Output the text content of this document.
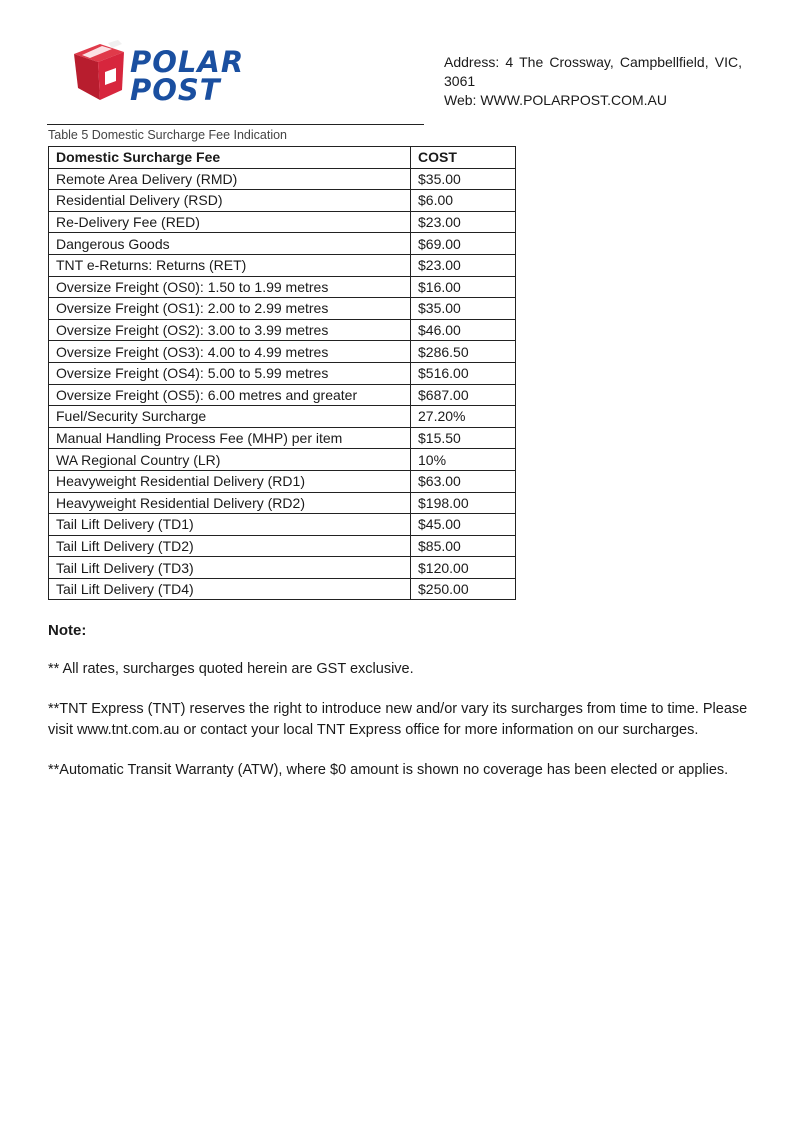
POLAR
POST
Address: 4 The Crossway, Campbellfield, VIC,
3061
Web: WWW.POLARPOST.COM.AU
Table 5 Domestic Surcharge Fee Indication
Domestic Surcharge Fee	COST
Remote Area Delivery (RMD)	$35.00
Residential Delivery (RSD)	$6.00
Re-Delivery Fee (RED)	$23.00
Dangerous Goods	$69.00
TNT e-Returns: Returns (RET)	$23.00
Oversize Freight (OS0): 1.50 to 1.99 metres	$16.00
Oversize Freight (OS1): 2.00 to 2.99 metres	$35.00
Oversize Freight (OS2): 3.00 to 3.99 metres	$46.00
Oversize Freight (OS3): 4.00 to 4.99 metres	$286.50
Oversize Freight (OS4): 5.00 to 5.99 metres	$516.00
Oversize Freight (OS5): 6.00 metres and greater	$687.00
Fuel/Security Surcharge	27.20%
Manual Handling Process Fee (MHP) per item	$15.50
WA Regional Country (LR)	10%
Heavyweight Residential Delivery (RD1)	$63.00
Heavyweight Residential Delivery (RD2)	$198.00
Tail Lift Delivery (TD1)	$45.00
Tail Lift Delivery (TD2)	$85.00
Tail Lift Delivery (TD3)	$120.00
Tail Lift Delivery (TD4)	$250.00
Note:
** All rates, surcharges quoted herein are GST exclusive.
**TNT Express (TNT) reserves the right to introduce new and/or vary its surcharges from time to time. Please visit www.tnt.com.au or contact your local TNT Express office for more information on our surcharges.
**Automatic Transit Warranty (ATW), where $0 amount is shown no coverage has been elected or applies.
